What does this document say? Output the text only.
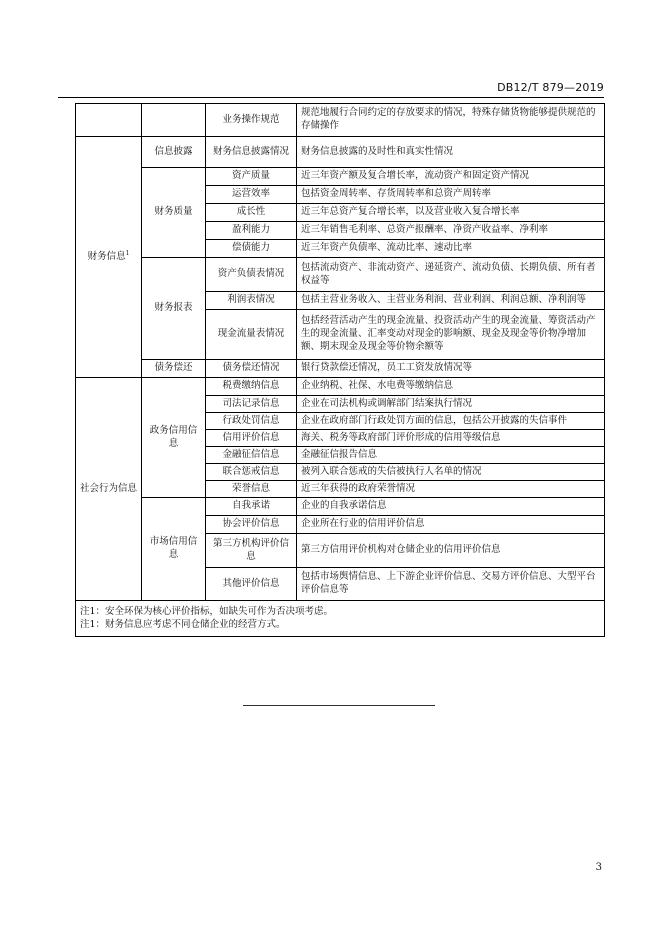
DB12/T 879—2019
		业务操作规范	规范地履行合同约定的存放要求的情况，特殊存储货物能够提供规范的存储操作
财务信息$^1$	信息披露	财务信息披露情况	财务信息披露的及时性和真实性情况
	财务质量	资产质量	近三年资产额及复合增长率，流动资产和固定资产情况
		运营效率	包括资金周转率、存货周转率和总资产周转率
		成长性	近三年总资产复合增长率，以及营业收入复合增长率
		盈利能力	近三年销售毛利率、总资产报酬率、净资产收益率、净利率
		偿债能力	近三年资产负债率、流动比率、速动比率
	财务报表	资产负债表情况	包括流动资产、非流动资产、递延资产、流动负债、长期负债、所有者权益等
		利润表情况	包括主营业务收入、主营业务利润、营业利润、利润总额、净利润等
		现金流量表情况	包括经营活动产生的现金流量、投资活动产生的现金流量、筹资活动产生的现金流量、汇率变动对现金的影响额、现金及现金等价物净增加额、期末现金及现金等价物余额等
	债务偿还	债务偿还情况	银行贷款偿还情况，员工工资发放情况等
社会行为信息	政务信用信息	税费缴纳信息	企业纳税、社保、水电费等缴纳信息
		司法记录信息	企业在司法机构或调解部门结案执行情况
		行政处罚信息	企业在政府部门行政处罚方面的信息，包括公开披露的失信事件
		信用评价信息	海关、税务等政府部门评价形成的信用等级信息
		金融征信信息	金融征信报告信息
		联合惩戒信息	被列入联合惩戒的失信被执行人名单的情况
		荣誉信息	近三年获得的政府荣誉情况
	市场信用信息	自我承诺	企业的自我承诺信息
		协会评价信息	企业所在行业的信用评价信息
		第三方机构评价信息	第三方信用评价机构对仓储企业的信用评价信息
		其他评价信息	包括市场舆情信息、上下游企业评价信息、交易方评价信息、大型平台评价信息等

注1：安全环保为核心评价指标，如缺失可作为否决项考虑。
注1：财务信息应考虑不同仓储企业的经营方式。			
3
